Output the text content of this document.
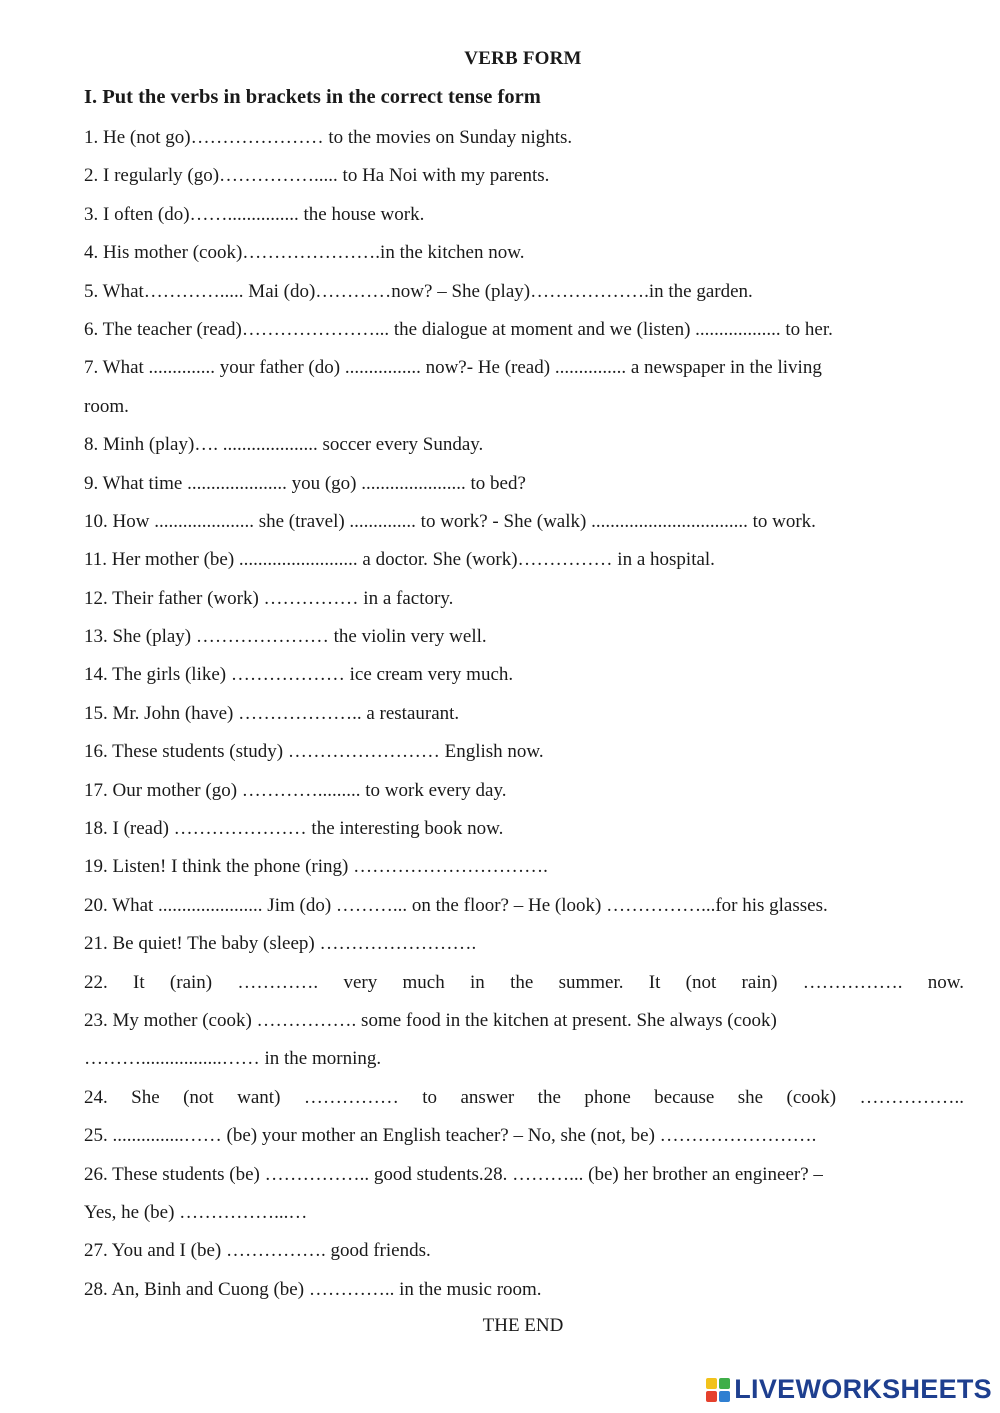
VERB FORM
I. Put the verbs in brackets in the correct tense form
1. He (not go)………………… to the movies on Sunday nights.
2. I regularly (go)……………..... to Ha Noi with my parents.
3. I often (do)……............... the house work.
4. His mother (cook)………………….in the kitchen now.
5. What…………..... Mai (do)…………now? – She (play)……………….in the garden.
6. The teacher (read)…………………... the dialogue at moment and we (listen) .................. to her.
7. What .............. your father (do) ................ now?- He (read) ............... a newspaper in the living
room.
8. Minh (play)…. .................... soccer every Sunday.
9. What time ..................... you (go) ...................... to bed?
10. How ..................... she (travel) .............. to work? - She (walk) ................................. to work.
11. Her mother (be) ......................... a doctor. She (work)…………… in a hospital.
12. Their father (work) …………… in a factory.
13. She (play) ………………… the violin very well.
14. The girls (like) ……………… ice cream very much.
15. Mr. John (have) ……………….. a restaurant.
16. These students (study) …………………… English now.
17. Our mother (go) …………......... to work every day.
18. I (read) ………………… the interesting book now.
19. Listen! I think the phone (ring) ………………………….
20. What ...................... Jim (do) ………... on the floor? – He (look) ……………...for his glasses.
21. Be quiet! The baby (sleep) …………………….
22. It (rain) …………. very much in the summer. It (not rain) ……………. now.
23. My mother (cook) ……………. some food in the kitchen at present. She always (cook)
……….................…… in the morning.
24. She (not want) …………… to answer the phone because she (cook) ……………..
25. ...............…… (be) your mother an English teacher? – No, she (not, be) …………………….
26. These students (be) …………….. good students.28. ………... (be) her brother an engineer? –
Yes, he (be) ……………...…
27. You and I (be) ……………. good friends.
28. An, Binh and Cuong (be) ………….. in the music room.
THE END
LIVEWORKSHEETS
